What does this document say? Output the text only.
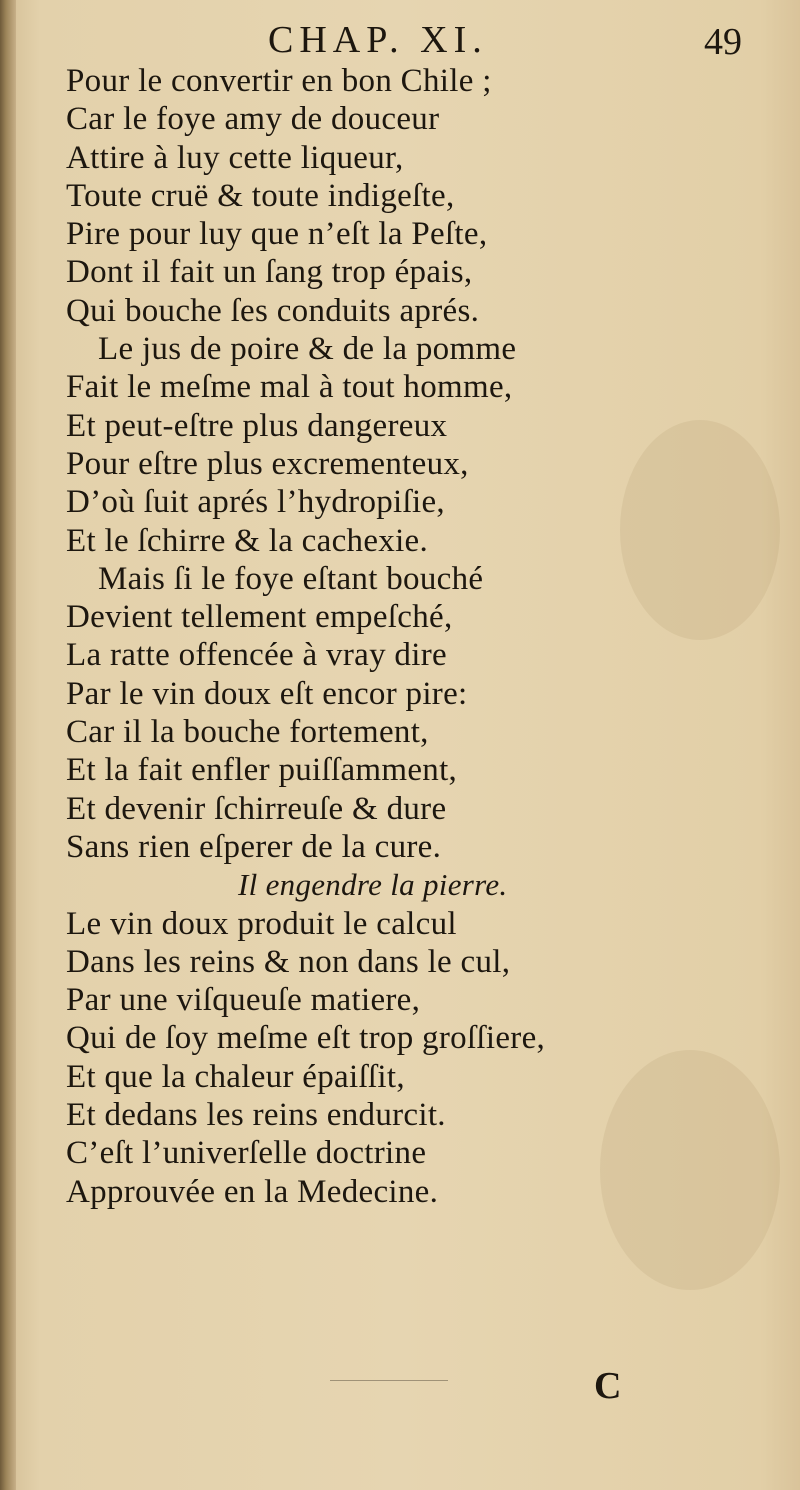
CHAP. XI.	49
Pour le convertir en bon Chile ;
Car le foye amy de douceur
Attire à luy cette liqueur,
Toute cruë & toute indigeſte,
Pire pour luy que n’eſt la Peſte,
Dont il fait un ſang trop épais,
Qui bouche ſes conduits aprés.
Le jus de poire & de la pomme
Fait le meſme mal à tout homme,
Et peut-eſtre plus dangereux
Pour eſtre plus excrementeux,
D’où ſuit aprés l’hydropiſie,
Et le ſchirre & la cachexie.
Mais ſi le foye eſtant bouché
Devient tellement empeſché,
La ratte offencée à vray dire
Par le vin doux eſt encor pire:
Car il la bouche fortement,
Et la fait enfler puiſſamment,
Et devenir ſchirreuſe & dure
Sans rien eſperer de la cure.
Il engendre la pierre.
Le vin doux produit le calcul
Dans les reins & non dans le cul,
Par une viſqueuſe matiere,
Qui de ſoy meſme eſt trop groſſiere,
Et que la chaleur épaiſſit,
Et dedans les reins endurcit.
C’eſt l’univerſelle doctrine
Approuvée en la Medecine.
C
